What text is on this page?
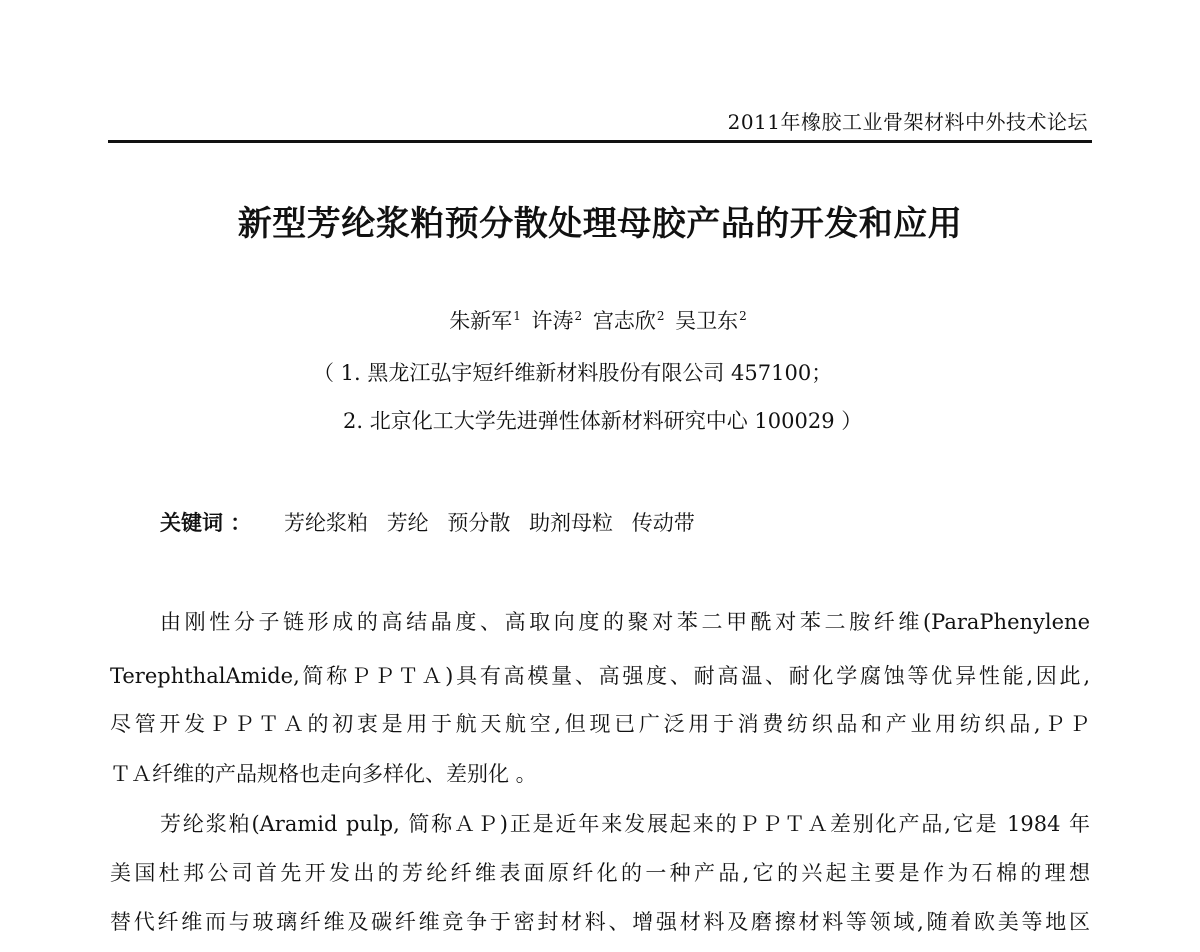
2011年橡胶工业骨架材料中外技术论坛
新型芳纶浆粕预分散处理母胶产品的开发和应用
朱新军$^1$ 许涛$^2$ 宫志欣$^2$ 吴卫东$^2$
（ 1. 黑龙江弘宇短纤维新材料股份有限公司 457100；
2. 北京化工大学先进弹性体新材料研究中心 100029 ）
关键词 ： 芳纶浆粕 芳纶 预分散 助剂母粒 传动带
由刚性分子链形成的高结晶度、高取向度的聚对苯二甲酰对苯二胺纤维(ParaPhenylene
TerephthalAmide,简称ＰＰＴＡ)具有高模量、高强度、耐高温、耐化学腐蚀等优异性能,因此,
尽管开发ＰＰＴＡ的初衷是用于航天航空,但现已广泛用于消费纺织品和产业用纺织品,ＰＰ
ＴＡ纤维的产品规格也走向多样化、差别化 。
芳纶浆粕(Aramid pulp, 简称ＡＰ)正是近年来发展起来的ＰＰＴＡ差别化产品,它是 1984 年
美国杜邦公司首先开发出的芳纶纤维表面原纤化的一种产品,它的兴起主要是作为石棉的理想
替代纤维而与玻璃纤维及碳纤维竞争于密封材料、增强材料及磨擦材料等领域,随着欧美等地区
